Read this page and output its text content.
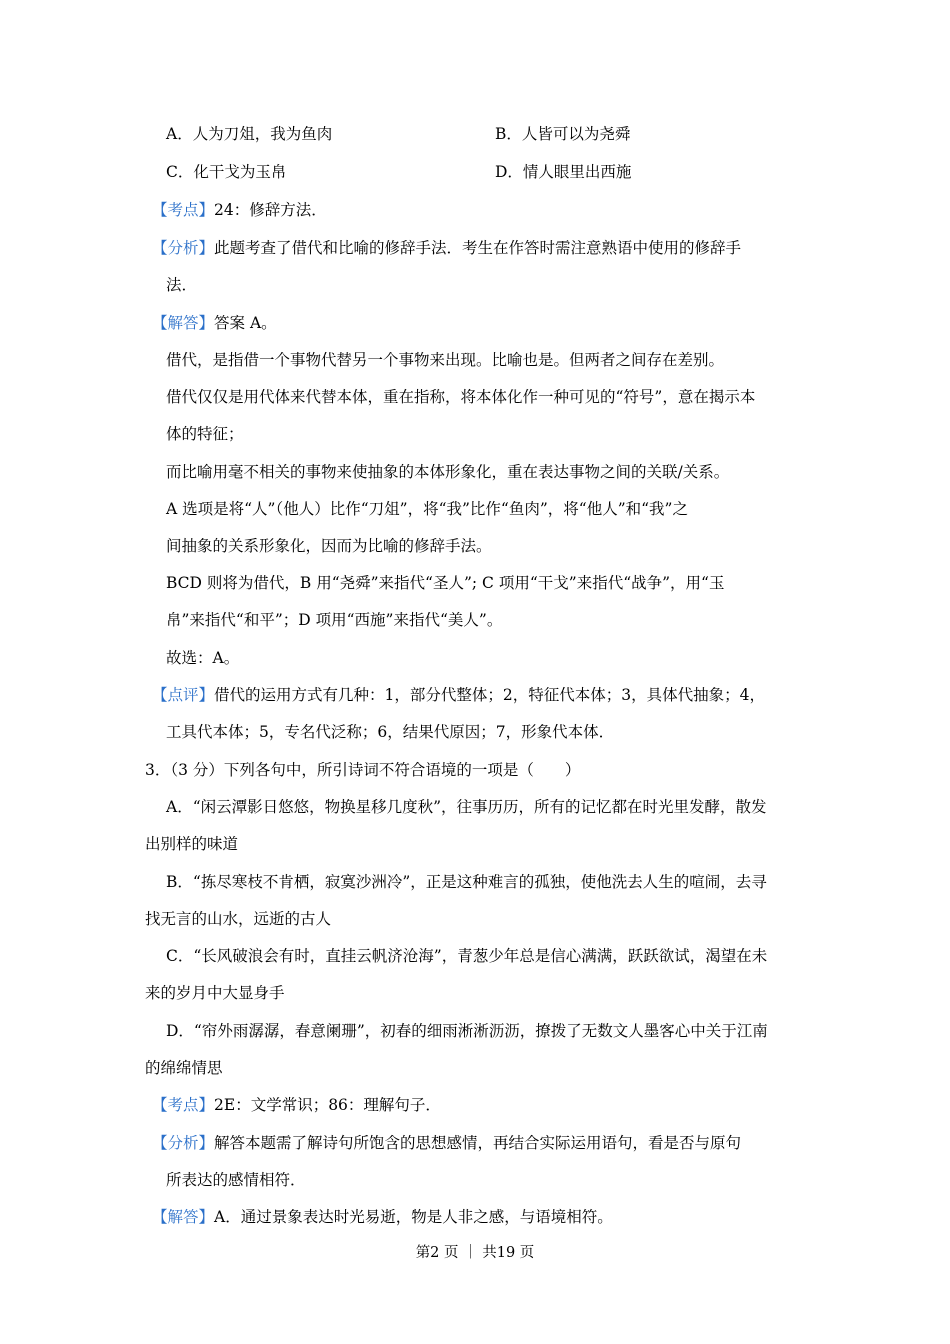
A．人为刀俎，我为鱼肉	B．人皆可以为尧舜
C．化干戈为玉帛	D．情人眼里出西施
【考点】24：修辞方法．
【分析】此题考查了借代和比喻的修辞手法．考生在作答时需注意熟语中使用的修辞手
法．
【解答】答案 A。
借代，是指借一个事物代替另一个事物来出现。比喻也是。但两者之间存在差别。
借代仅仅是用代体来代替本体，重在指称，将本体化作一种可见的“符号”，意在揭示本
体的特征；
而比喻用毫不相关的事物来使抽象的本体形象化，重在表达事物之间的关联/关系。
A 选项是将“人”（他人）比作“刀俎”，将“我”比作“鱼肉”，将“他人”和“我”之
间抽象的关系形象化，因而为比喻的修辞手法。
BCD 则将为借代，B 用“尧舜”来指代“圣人”; C 项用“干戈”来指代“战争”，用“玉
帛”来指代“和平”；D 项用“西施”来指代“美人”。
故选：A。
【点评】借代的运用方式有几种：1，部分代整体；2，特征代本体；3，具体代抽象；4，
工具代本体；5，专名代泛称；6，结果代原因；7，形象代本体．
3．（3 分）下列各句中，所引诗词不符合语境的一项是（　　）
A．“闲云潭影日悠悠，物换星移几度秋”，往事历历，所有的记忆都在时光里发酵，散发
出别样的味道
B．“拣尽寒枝不肯栖，寂寞沙洲冷”，正是这种难言的孤独，使他洗去人生的喧闹，去寻
找无言的山水，远逝的古人
C．“长风破浪会有时，直挂云帆济沧海”，青葱少年总是信心满满，跃跃欲试，渴望在未
来的岁月中大显身手
D．“帘外雨潺潺，春意阑珊”，初春的细雨淅淅沥沥，撩拨了无数文人墨客心中关于江南
的绵绵情思
【考点】2E：文学常识；86：理解句子．
【分析】解答本题需了解诗句所饱含的思想感情，再结合实际运用语句，看是否与原句
所表达的感情相符．
【解答】A．通过景象表达时光易逝，物是人非之感，与语境相符。
第2 页 ｜ 共19 页
